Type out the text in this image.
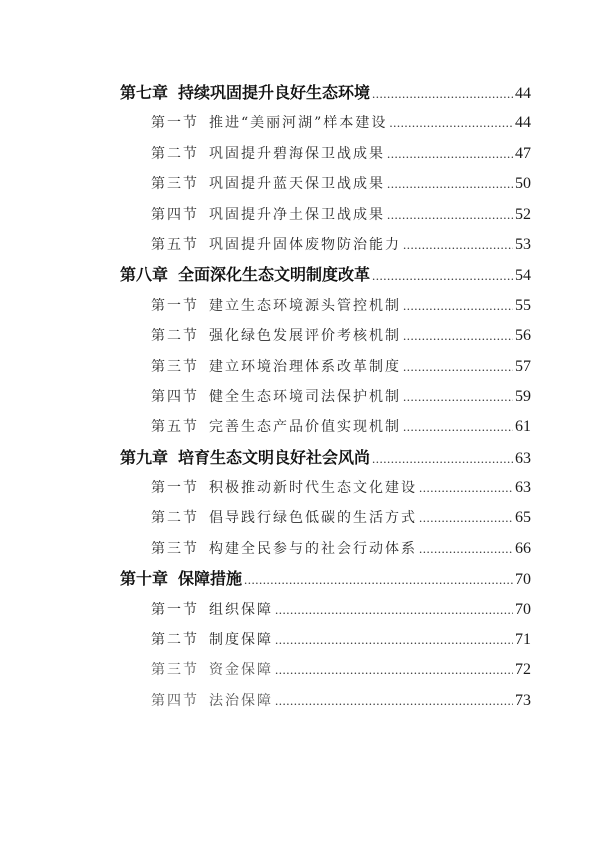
第七章 持续巩固提升良好生态环境 .....	44
第一节 推进“美丽河湖”样本建设 .....	44
第二节 巩固提升碧海保卫战成果 .....	47
第三节 巩固提升蓝天保卫战成果 .....	50
第四节 巩固提升净土保卫战成果 .....	52
第五节 巩固提升固体废物防治能力 .....	53
第八章 全面深化生态文明制度改革 .....	54
第一节 建立生态环境源头管控机制 .....	55
第二节 强化绿色发展评价考核机制 .....	56
第三节 建立环境治理体系改革制度 .....	57
第四节 健全生态环境司法保护机制 .....	59
第五节 完善生态产品价值实现机制 .....	61
第九章 培育生态文明良好社会风尚 .....	63
第一节 积极推动新时代生态文化建设 .....	63
第二节 倡导践行绿色低碳的生活方式 .....	65
第三节 构建全民参与的社会行动体系 .....	66
第十章 保障措施 .....	70
第一节 组织保障 .....	70
第二节 制度保障 .....	71
第三节 资金保障 .....	72
第四节 法治保障 .....	73
